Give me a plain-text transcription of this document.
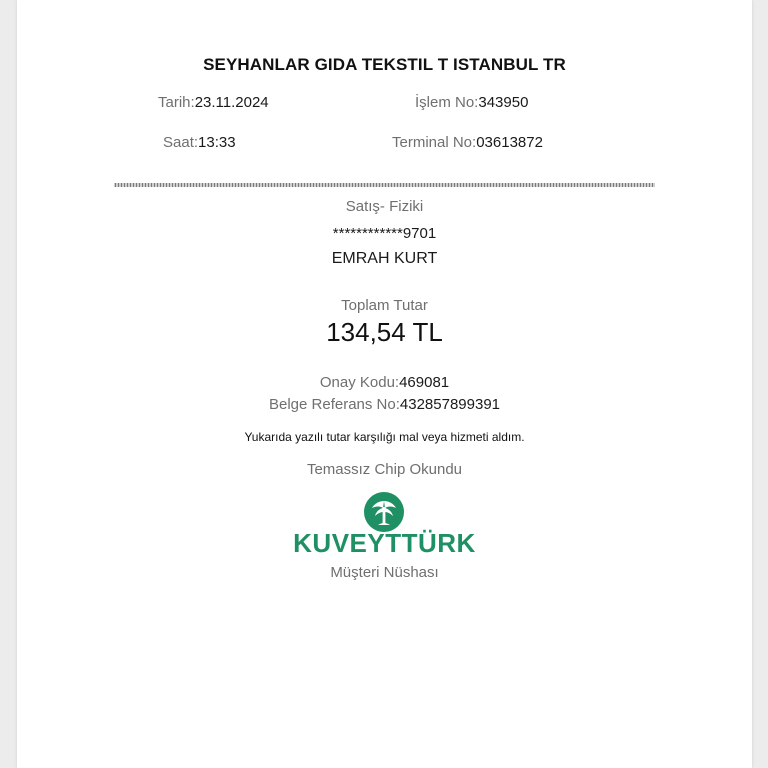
SEYHANLAR GIDA TEKSTIL T ISTANBUL TR
Tarih:23.11.2024	İşlem No:343950
Saat:13:33	Terminal No:03613872
Satış- Fiziki
************9701
EMRAH KURT
Toplam Tutar
134,54 TL
Onay Kodu:469081
Belge Referans No:432857899391
Yukarıda yazılı tutar karşılığı mal veya hizmeti aldım.
Temassız Chip Okundu
KUVEYTTÜRK
Müşteri Nüshası
